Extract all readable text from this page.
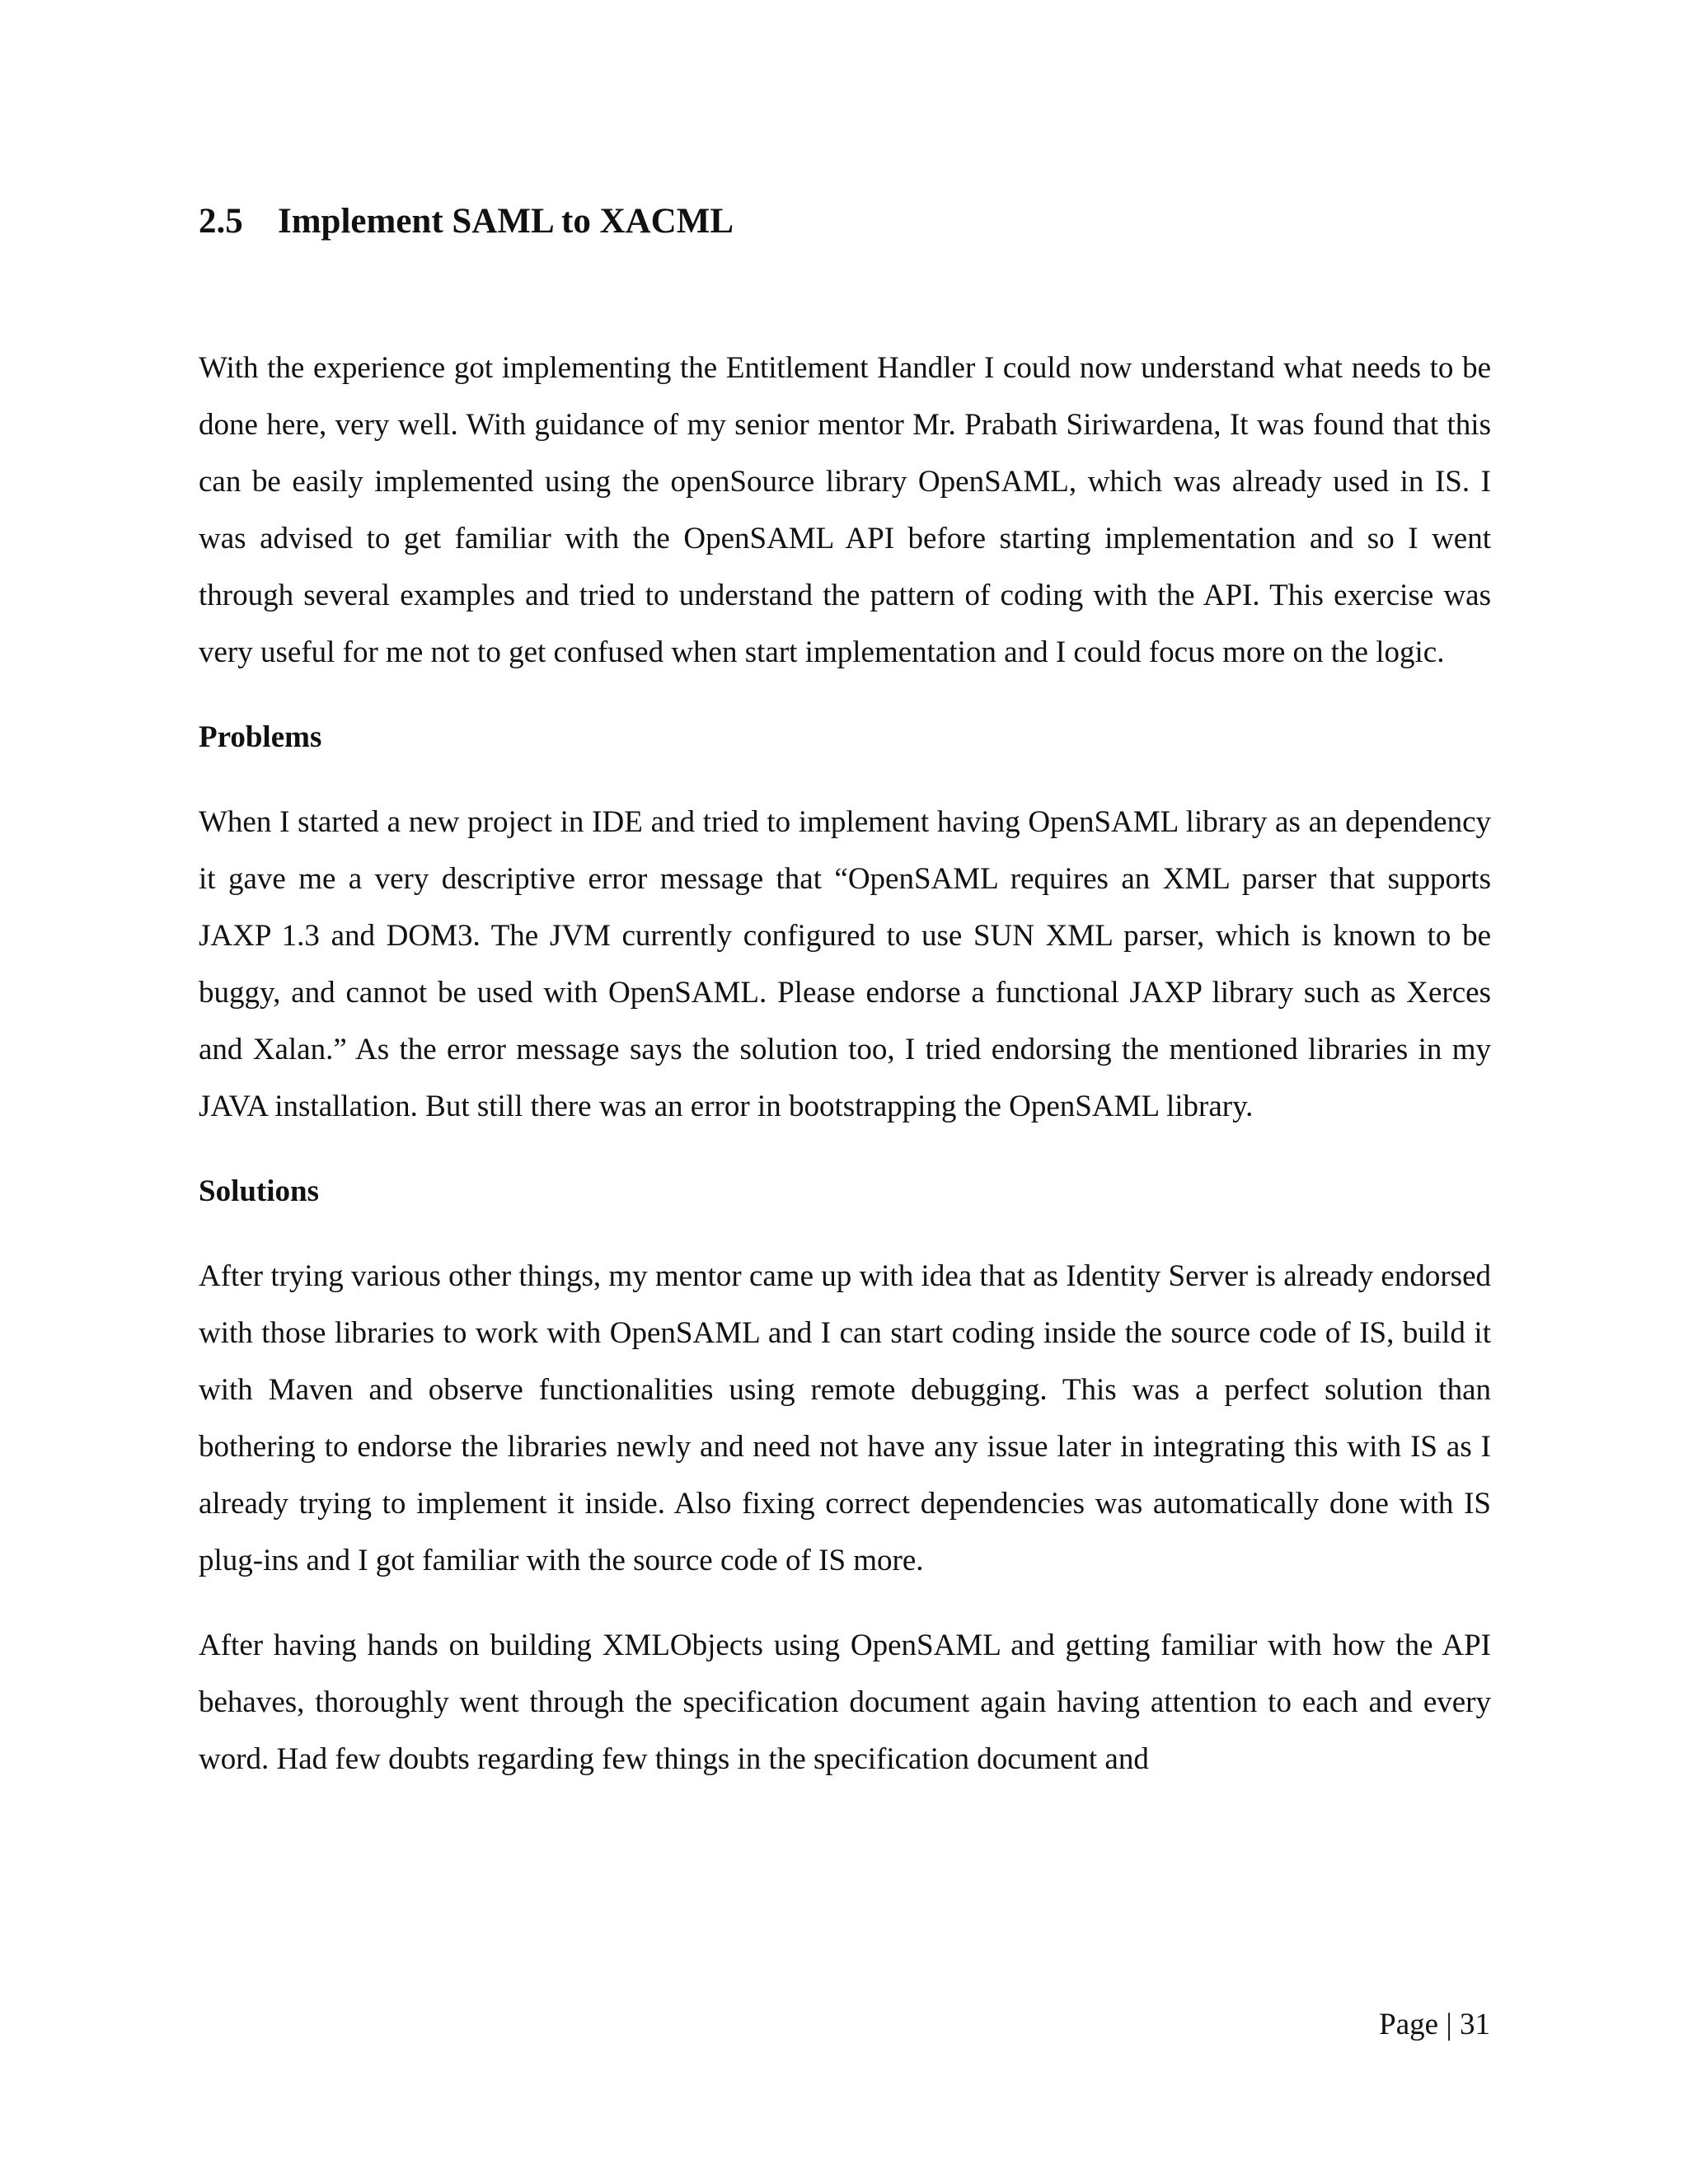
2.5 Implement SAML to XACML

With the experience got implementing the Entitlement Handler I could now understand what needs to be done here, very well. With guidance of my senior mentor Mr. Prabath Siriwardena, It was found that this can be easily implemented using the openSource library OpenSAML, which was already used in IS. I was advised to get familiar with the OpenSAML API before starting implementation and so I went through several examples and tried to understand the pattern of coding with the API. This exercise was very useful for me not to get confused when start implementation and I could focus more on the logic.

Problems

When I started a new project in IDE and tried to implement having OpenSAML library as an dependency it gave me a very descriptive error message that “OpenSAML requires an XML parser that supports JAXP 1.3 and DOM3. The JVM currently configured to use SUN XML parser, which is known to be buggy, and cannot be used with OpenSAML. Please endorse a functional JAXP library such as Xerces and Xalan.” As the error message says the solution too, I tried endorsing the mentioned libraries in my JAVA installation. But still there was an error in bootstrapping the OpenSAML library.

Solutions

After trying various other things, my mentor came up with idea that as Identity Server is already endorsed with those libraries to work with OpenSAML and I can start coding inside the source code of IS, build it with Maven and observe functionalities using remote debugging. This was a perfect solution than bothering to endorse the libraries newly and need not have any issue later in integrating this with IS as I already trying to implement it inside. Also fixing correct dependencies was automatically done with IS plug-ins and I got familiar with the source code of IS more.

After having hands on building XMLObjects using OpenSAML and getting familiar with how the API behaves, thoroughly went through the specification document again having attention to each and every word. Had few doubts regarding few things in the specification document and

Page | 31
